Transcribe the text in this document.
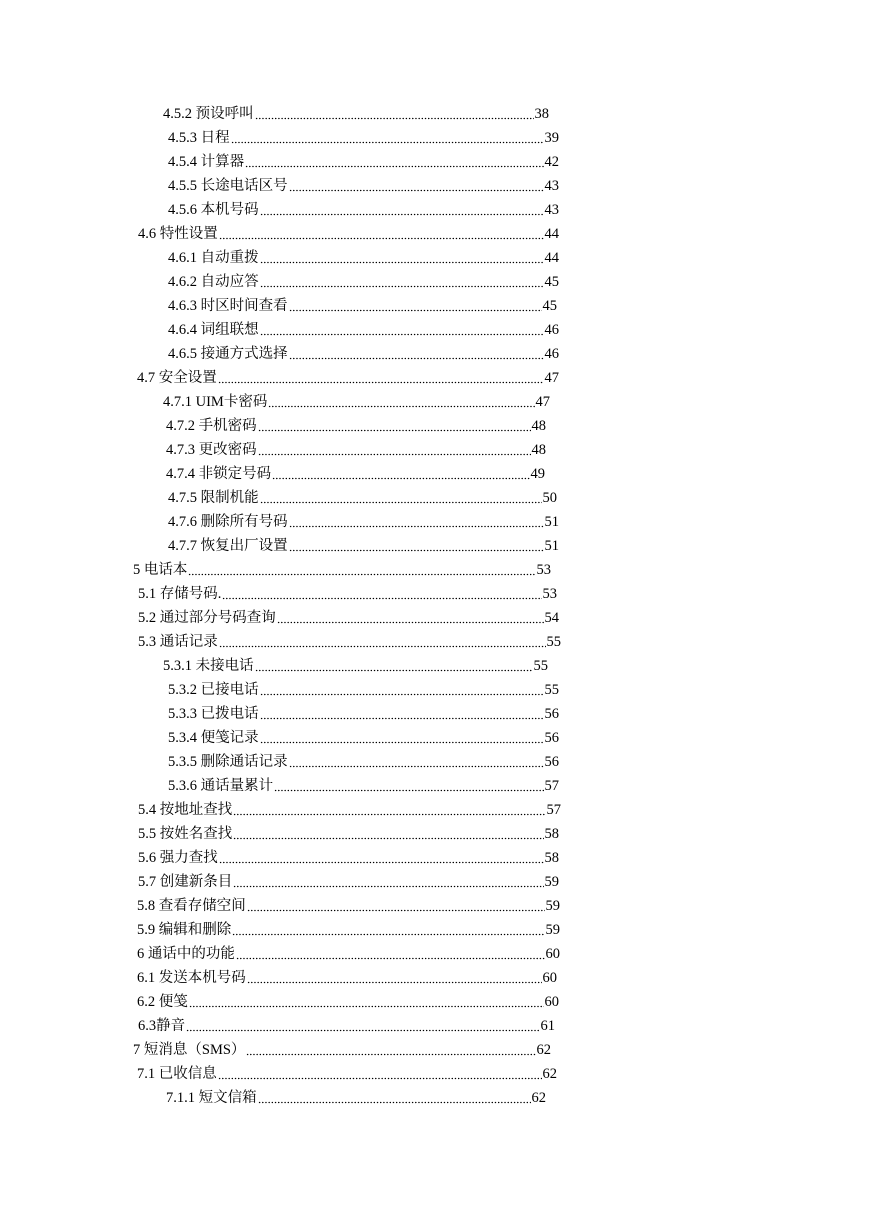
4.5.2 预设呼叫	38
4.5.3 日程	39
4.5.4 计算器	42
4.5.5 长途电话区号	43
4.5.6 本机号码	43
4.6 特性设置	44
4.6.1 自动重拨	44
4.6.2 自动应答	45
4.6.3 时区时间查看	45
4.6.4 词组联想	46
4.6.5 接通方式选择	46
4.7 安全设置	47
4.7.1 UIM卡密码	47
4.7.2 手机密码	48
4.7.3 更改密码	48
4.7.4 非锁定号码	49
4.7.5 限制机能	50
4.7.6 删除所有号码	51
4.7.7 恢复出厂设置	51
5 电话本	53
5.1 存储号码.	53
5.2 通过部分号码查询	54
5.3 通话记录	55
5.3.1 未接电话	55
5.3.2 已接电话	55
5.3.3 已拨电话	56
5.3.4 便笺记录	56
5.3.5 删除通话记录	56
5.3.6 通话量累计	57
5.4 按地址查找	57
5.5 按姓名查找	58
5.6 强力查找	58
5.7 创建新条目	59
5.8 查看存储空间	59
5.9 编辑和删除	59
6 通话中的功能	60
6.1 发送本机号码	60
6.2 便笺	60
6.3静音	61
7 短消息（SMS）	62
7.1 已收信息	62
7.1.1 短文信箱	62
